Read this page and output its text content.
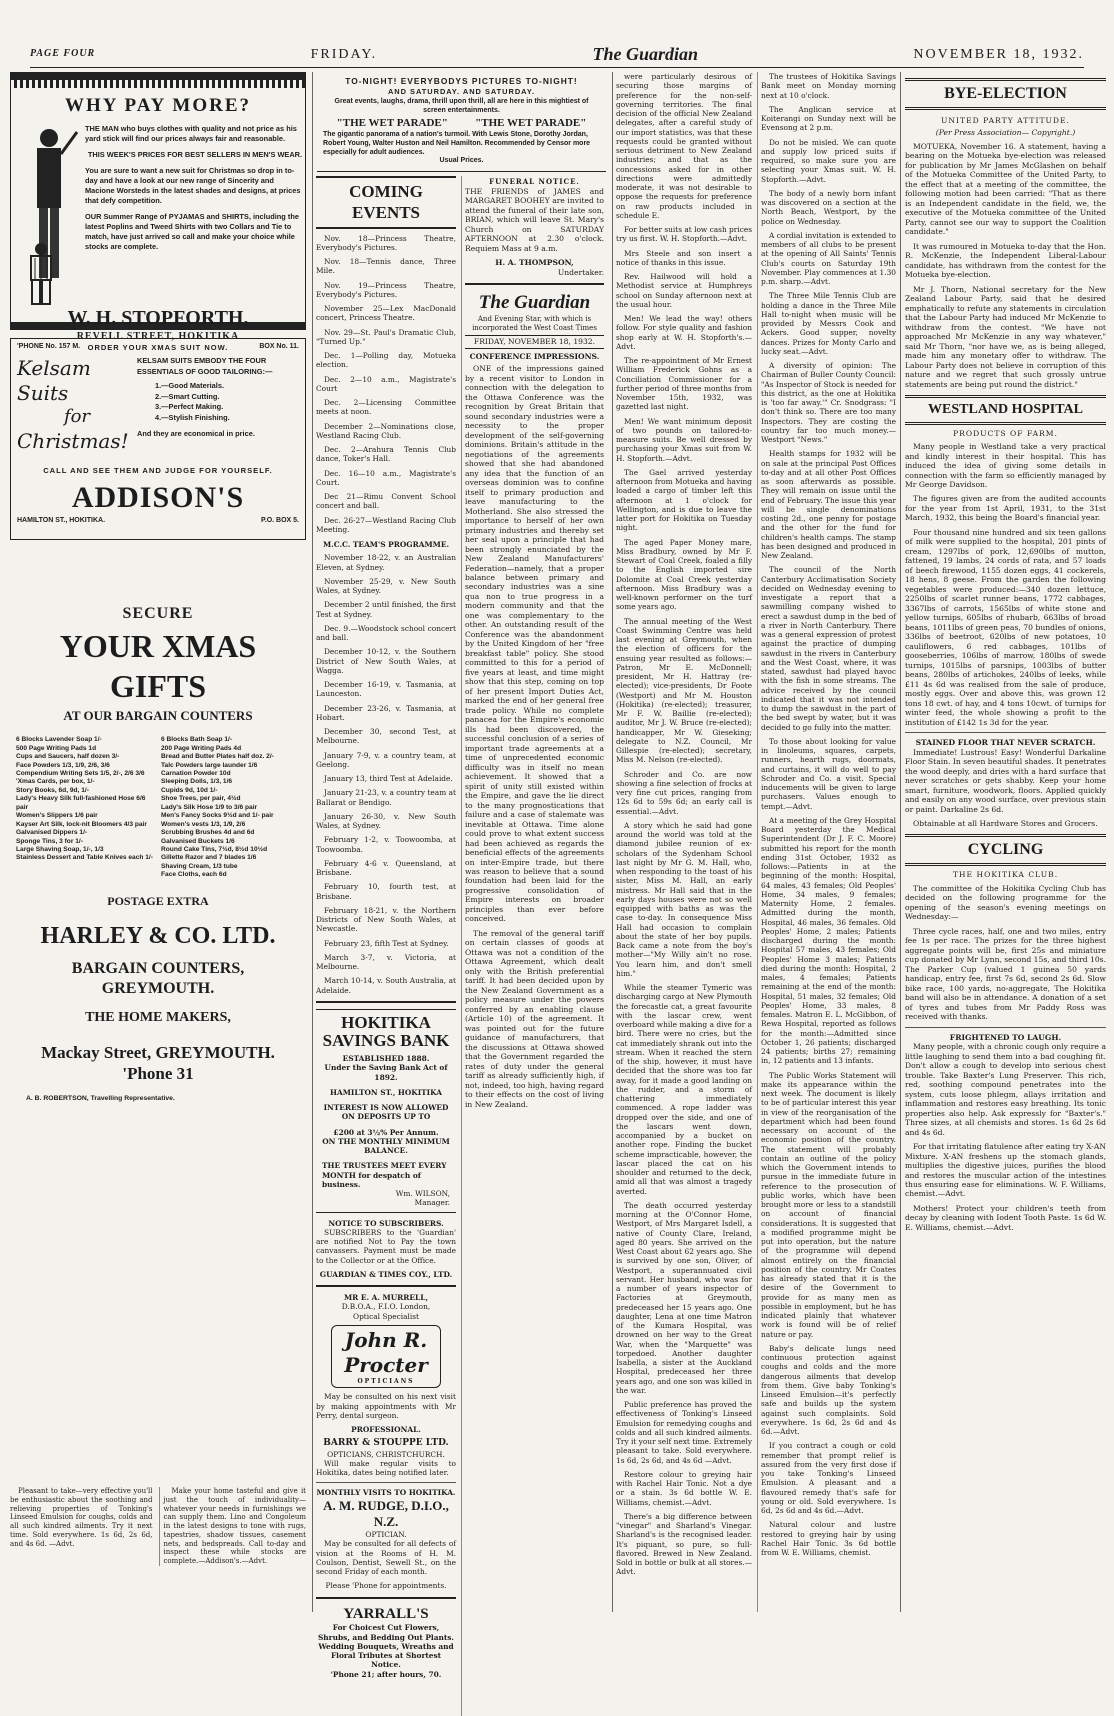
PAGE FOUR	FRIDAY.	The Guardian	NOVEMBER 18, 1932.
WHY PAY MORE?

THE MAN who buys clothes with quality and not price as his yard stick will find our prices always fair and reasonable.

THIS WEEK'S PRICES FOR BEST SELLERS IN MEN'S WEAR.

You are sure to want a new suit for Christmas so drop in to-day and have a look at our new range of Sincerity and Macione Worsteds in the latest shades and designs, at prices that defy competition.

OUR Summer Range of PYJAMAS and SHIRTS, including the latest Poplins and Tweed Shirts with two Collars and Tie to match, have just arrived so call and make your choice while stocks are complete.

W. H. STOPFORTH,
REVELL STREET, HOKITIKA
'PHONE No. 157 M.	BOX No. 11.
ORDER YOUR XMAS SUIT NOW.
Kelsam Suits
for
Christmas!
KELSAM SUITS EMBODY THE FOUR ESSENTIALS OF GOOD TAILORING:—
1.—Good Materials.
2.—Smart Cutting.
3.—Perfect Making.
4.—Stylish Finishing.
And they are economical in price.
CALL AND SEE THEM AND JUDGE FOR YOURSELF.
ADDISON'S
HAMILTON ST., HOKITIKA.	P.O. BOX 5.
SECURE
YOUR XMAS GIFTS
AT OUR BARGAIN COUNTERS

6 Blocks Lavender Soap 1/-

500 Page Writing Pads 1d

Cups and Saucers, half dozen 3/-

Face Powders 1/3, 1/9, 2/6, 3/6

Compendium Writing Sets 1/5, 2/-, 2/6 3/6

'Xmas Cards, per box, 1/-

Story Books, 6d, 9d, 1/-

Lady's Heavy Silk full-fashioned Hose 6/6 pair

Women's Slippers 1/6 pair

Kayser Art Silk, lock-nit Bloomers 4/3 pair

Galvanised Dippers 1/-

Sponge Tins, 3 for 1/-

Large Shaving Soap, 1/-, 1/3

Stainless Dessert and Table Knives each 1/-

6 Blocks Bath Soap 1/-

200 Page Writing Pads 4d

Bread and Butter Plates half doz. 2/-

Talc Powders large launder 1/6

Carnation Powder 10d

Sleeping Dolls, 1/3, 1/6

Cupids 9d, 10d 1/-

Shoe Trees, per pair, 4½d

Lady's Silk Hose 1/9 to 3/6 pair

Men's Fancy Socks 9½d and 1/- pair

Women's vests 1/3, 1/9, 2/6

Scrubbing Brushes 4d and 6d

Galvanised Buckets 1/6

Round Cake Tins, 7½d, 8½d 10½d

Gillette Razor and 7 blades 1/6

Shaving Cream, 1/3 tube

Face Cloths, each 6d

POSTAGE EXTRA
HARLEY & CO. LTD.
BARGAIN COUNTERS, GREYMOUTH.
THE HOME MAKERS,
Mackay Street, GREYMOUTH. 'Phone 31
A. B. ROBERTSON, Travelling Representative.

Pleasant to take—very effective you'll be enthusiastic about the soothing and relieving properties of Tonking's Linseed Emulsion for coughs, colds and all such kindred ailments. Try it next time. Sold everywhere. 1s 6d, 2s 6d, and 4s 6d. —Advt.

Make your home tasteful and give it just the touch of individuality—whatever your needs in furnishings we can supply them. Lino and Congoleum in the latest designs to tone with rugs, tapestries, shadow tissues, casement nets, and bedspreads. Call to-day and inspect these while stocks are complete.—Addison's.—Advt.

TO-NIGHT! EVERYBODYS PICTURES TO-NIGHT!
AND SATURDAY. AND SATURDAY.
Great events, laughs, drama, thrill upon thrill, all are here in this mightiest of screen entertainments.
"THE WET PARADE" "THE WET PARADE"
The gigantic panorama of a nation's turmoil. With Lewis Stone, Dorothy Jordan, Robert Young, Walter Huston and Neil Hamilton. Recommended by Censor more especially for adult audiences.
Usual Prices.
COMING EVENTS

Nov. 18—Princess Theatre, Everybody's Pictures.

Nov. 18—Tennis dance, Three Mile.

Nov. 19—Princess Theatre, Everybody's Pictures.

November 25—Lex MacDonald concert, Princess Theatre.

Nov. 29—St. Paul's Dramatic Club, "Turned Up."

Dec. 1—Polling day, Motueka election.

Dec. 2—10 a.m., Magistrate's Court

Dec. 2—Licensing Committee meets at noon.

December 2—Nominations close, Westland Racing Club.

Dec. 2—Arahura Tennis Club dance, Toker's Hall.

Dec. 16—10 a.m., Magistrate's Court.

Dec 21—Rimu Convent School concert and ball.

Dec. 26-27—Westland Racing Club Meeting.

M.C.C. TEAM'S PROGRAMME.

November 18-22, v. an Australian Eleven, at Sydney.

November 25-29, v. New South Wales, at Sydney.

December 2 until finished, the first Test at Sydney.

Dec. 9.—Woodstock school concert and ball.

December 10-12, v. the Southern District of New South Wales, at Wagga.

December 16-19, v. Tasmania, at Launceston.

December 23-26, v. Tasmania, at Hobart.

December 30, second Test, at Melbourne.

January 7-9, v. a country team, at Geelong.

January 13, third Test at Adelaide.

January 21-23, v. a country team at Ballarat or Bendigo.

January 26-30, v. New South Wales, at Sydney.

February 1-2, v. Toowoomba, at Toowoomba.

February 4-6 v. Queensland, at Brisbane.

February 10, fourth test, at Brisbane.

February 18-21, v. the Northern Districts of New South Wales, at Newcastle.

February 23, fifth Test at Sydney.

March 3-7, v. Victoria, at Melbourne.

March 10-14, v. South Australia, at Adelaide.

HOKITIKA SAVINGS BANK
ESTABLISHED 1888.
Under the Saving Bank Act of 1892.
HAMILTON ST., HOKITIKA
INTEREST IS NOW ALLOWED ON DEPOSITS UP TO
£200 at 3½% Per Annum.
ON THE MONTHLY MINIMUM BALANCE.
THE TRUSTEES MEET EVERY MONTH for despatch of business.
Wm. WILSON,
Manager.
NOTICE TO SUBSCRIBERS.

SUBSCRIBERS to the 'Guardian' are notified Not to Pay the town canvassers. Payment must be made to the Collector or at the Office.

GUARDIAN & TIMES COY., LTD.
MR E. A. MURRELL,
D.B.O.A., F.I.O. London,
Optical Specialist
John R. Procter
OPTICIANS

May be consulted on his next visit by making appointments with Mr Perry, dental surgeon.

PROFESSIONAL.
BARRY & STOUPPE LTD.
OPTICIANS, CHRISTCHURCH.

Will make regular visits to Hokitika, dates being notified later.

MONTHLY VISITS TO HOKITIKA.
A. M. RUDGE, D.I.O., N.Z.
OPTICIAN.

May be consulted for all defects of vision at the Rooms of H. M. Coulson, Dentist, Sewell St., on the second Friday of each month.

Please 'Phone for appointments.
YARRALL'S
For Choicest Cut Flowers, Shrubs, and Bedding Out Plants.
Wedding Bouquets, Wreaths and Floral Tributes at Shortest Notice.
'Phone 21; after hours, 70.
FUNERAL NOTICE.

THE FRIENDS of JAMES and MARGARET BOOHEY are invited to attend the funeral of their late son, BRIAN, which will leave St. Mary's Church on SATURDAY AFTERNOON at 2.30 o'clock. Requiem Mass at 9 a.m.

H. A. THOMPSON,
Undertaker.
The Guardian
And Evening Star, with which is incorporated the West Coast Times
FRIDAY, NOVEMBER 18, 1932.
CONFERENCE IMPRESSIONS.

ONE of the impressions gained by a recent visitor to London in connection with the delegation to the Ottawa Conference was the recognition by Great Britain that sound secondary industries were a necessity to the proper development of the self-governing dominions. Britain's attitude in the negotiations of the agreements showed that she had abandoned any idea that the function of an overseas dominion was to confine itself to primary production and leave manufacturing to the Motherland. She also stressed the importance to herself of her own primary industries and thereby set her seal upon a principle that had been strongly enunciated by the New Zealand Manufacturers' Federation—namely, that a proper balance between primary and secondary industries was a sine qua non to true progress in a modern community and that the one was complementary to the other. An outstanding result of the Conference was the abandonment by the United Kingdom of her "free breakfast table" policy. She stood committed to this for a period of five years at least, and time might show that this step, coming on top of her present Import Duties Act, marked the end of her general free trade policy. While no complete panacea for the Empire's economic ills had been discovered, the successful conclusion of a series of important trade agreements at a time of unprecedented economic difficulty was in itself no mean achievement. It showed that a spirit of unity still existed within the Empire, and gave the lie direct to the many prognostications that failure and a case of stalemate was inevitable at Ottawa. Time alone could prove to what extent success had been achieved as regards the beneficial effects of the agreements on inter-Empire trade, but there was reason to believe that a sound foundation had been laid for the progressive consolidation of Empire interests on broader principles than ever before conceived.

The removal of the general tariff on certain classes of goods at Ottawa was not a condition of the Ottawa Agreement, which dealt only with the British preferential tariff. It had been decided upon by the New Zealand Government as a policy measure under the powers conferred by an enabling clause (Article 10) of the agreement. It was pointed out for the future guidance of manufacturers, that the discussions at Ottawa showed that the Government regarded the rates of duty under the general tariff as already sufficiently high, if not, indeed, too high, having regard to their effects on the cost of living in New Zealand.

were particularly desirous of securing those margins of preference for the non-self-governing territories. The final decision of the official New Zealand delegates, after a careful study of our import statistics, was that these requests could be granted without serious detriment to New Zealand industries; and that as the concessions asked for in other directions were admittedly moderate, it was not desirable to oppose the requests for preference on raw products included in schedule E.

For better suits at low cash prices try us first. W. H. Stopforth.—Advt.

Mrs Steele and son insert a notice of thanks in this issue.

Rev. Hailwood will hold a Methodist service at Humphreys school on Sunday afternoon next at the usual hour.

Men! We lead the way! others follow. For style quality and fashion shop early at W. H. Stopforth's.—Advt.

The re-appointment of Mr Ernest William Frederick Gohns as a Conciliation Commissioner for a further period of three months from November 15th, 1932, was gazetted last night.

Men! We want minimum deposit of two pounds on tailored-to-measure suits. Be well dressed by purchasing your Xmas suit from W. H. Stopforth.—Advt.

The Gael arrived yesterday afternoon from Motueka and having loaded a cargo of timber left this afternoon at 1 o'clock for Wellington, and is due to leave the latter port for Hokitika on Tuesday night.

The aged Paper Money mare, Miss Bradbury, owned by Mr F. Stewart of Coal Creek, foaled a filly to the English imported sire Dolomite at Coal Creek yesterday afternoon. Miss Bradbury was a well-known performer on the turf some years ago.

The annual meeting of the West Coast Swimming Centre was held last evening at Greymouth, when the election of officers for the ensuing year resulted as follows:—Patron, Mr E. McDonnell; president, Mr H. Hattray (re-elected); vice-presidents, Dr Foote (Westport) and Mr M. Houston (Hokitika) (re-elected); treasurer, Mr F. W. Baillie (re-elected); auditor, Mr J. W. Bruce (re-elected); handicapper, Mr W. Gieseking; delegate to N.Z. Council, Mr Gillespie (re-elected); secretary, Miss M. Nelson (re-elected).

Schroder and Co. are now showing a fine selection of frocks at very fine cut prices, ranging from 12s 6d to 59s 6d; an early call is essential.—Advt.

A story which he said had gone around the world was told at the diamond jubilee reunion of ex-scholars of the Sydenham School last night by Mr G. M. Hall, who, when responding to the toast of his sister, Miss M. Hall, an early mistress. Mr Hall said that in the early days houses were not so well equipped with baths as was the case to-day. In consequence Miss Hall had occasion to complain about the state of her boy pupils. Back came a note from the boy's mother—"My Willy ain't no rose. You learn him, and don't smell him."

While the steamer Tymeric was discharging cargo at New Plymouth the forecastle cat, a great favourite with the lascar crew, went overboard while making a dive for a bird. There were no cries, but the cat immediately shrank out into the stream. When it reached the stern of the ship, however, it must have decided that the shore was too far away, for it made a good landing on the rudder, and a storm of chattering immediately commenced. A rope ladder was dropped over the side, and one of the lascars went down, accompanied by a bucket on another rope. Finding the bucket scheme impracticable, however, the lascar placed the cat on his shoulder and returned to the deck, amid all that was almost a tragedy averted.

The death occurred yesterday morning at the O'Connor Home, Westport, of Mrs Margaret Isdell, a native of County Clare, Ireland, aged 80 years. She arrived on the West Coast about 62 years ago. She is survived by one son, Oliver, of Westport, a superannuated civil servant. Her husband, who was for a number of years inspector of Factories at Greymouth, predeceased her 15 years ago. One daughter, Lena at one time Matron of the Kumara Hospital, was drowned on her way to the Great War, when the "Marquette" was torpedoed. Another daughter Isabella, a sister at the Auckland Hospital, predeceased her three years ago, and one son was killed in the war.

Public preference has proved the effectiveness of Tonking's Linseed Emulsion for remedying coughs and colds and all such kindred ailments. Try it your self next time. Extremely pleasant to take. Sold everywhere. 1s 6d, 2s 6d, and 4s 6d —Advt.

Restore colour to greying hair with Rachel Hair Tonic. Not a dye or a stain. 3s 6d bottle W. E. Williams, chemist.—Advt.

There's a big difference between "vinegar" and Sharland's Vinegar. Sharland's is the recognised leader. It's piquant, so pure, so full-flavored. Brewed in New Zealand. Sold in bottle or bulk at all stores.—Advt.

The trustees of Hokitika Savings Bank meet on Monday morning next at 10 o'clock.

The Anglican service at Koiterangi on Sunday next will be Evensong at 2 p.m.

Do not be misled. We can quote and supply low priced suits if required, so make sure you are selecting your Xmas suit. W. H. Stopforth.—Advt.

The body of a newly born infant was discovered on a section at the North Beach, Westport, by the police on Wednesday.

A cordial invitation is extended to members of all clubs to be present at the opening of All Saints' Tennis Club's courts on Saturday 19th November. Play commences at 1.30 p.m. sharp.—Advt.

The Three Mile Tennis Club are holding a dance in the Three Mile Hall to-night when music will be provided by Messrs Cook and Ackers. Good supper, novelty dances. Prizes for Monty Carlo and lucky seat.—Advt.

A diversity of opinion: The Chairman of Buller County Council: "As Inspector of Stock is needed for this district, as the one at Hokitika is 'too far away.'" Cr. Snodgrass: "I don't think so. There are too many Inspectors. They are costing the country far too much money.—Westport "News."

Health stamps for 1932 will be on sale at the principal Post Offices to-day and at all other Post Offices as soon afterwards as possible. They will remain on issue until the end of February. The issue this year will be single denominations costing 2d., one penny for postage and the other for the fund for children's health camps. The stamp has been designed and produced in New Zealand.

The council of the North Canterbury Acclimatisation Society decided on Wednesday evening to investigate a report that a sawmilling company wished to erect a sawdust dump in the bed of a river in North Canterbury. There was a general expression of protest against the practice of dumping sawdust in the rivers in Canterbury and the West Coast, where, it was stated, sawdust had played havoc with the fish in some streams. The advice received by the council indicated that it was not intended to dump the sawdust in the part of the bed swept by water, but it was decided to go fully into the matter.

To those about looking for value in linoleums, squares, carpets, runners, hearth rugs, doormats, and curtains, it will do well to pay Schroder and Co. a visit. Special inducements will be given to large purchasers. Values enough to tempt.—Advt.

At a meeting of the Grey Hospital Board yesterday the Medical Superintendent (Dr J. F. C. Moore) submitted his report for the month ending 31st October, 1932 as follows:—Patients in at the beginning of the month: Hospital, 64 males, 43 females; Old Peoples' Home, 34 males, 9 females; Maternity Home, 2 females. Admitted during the month, Hospital, 46 males, 36 females. Old Peoples' Home, 2 males; Patients discharged during the month: Hospital 57 males, 43 females; Old Peoples' Home 3 males; Patients died during the month: Hospital, 2 males, 4 females; Patients remaining at the end of the month: Hospital, 51 males, 32 females; Old Peoples' Home, 33 males, 8 females. Matron E. L. McGibbon, of Rewa Hospital, reported as follows for the month:—Admitted since October 1, 26 patients; discharged 24 patients; births 27; remaining in, 12 patients and 13 infants.

The Public Works Statement will make its appearance within the next week. The document is likely to be of particular interest this year in view of the reorganisation of the department which had been found necessary on account of the economic position of the country. The statement will probably contain an outline of the policy which the Government intends to pursue in the immediate future in reference to the prosecution of public works, which have been brought more or less to a standstill on account of financial considerations. It is suggested that a modified programme might be put into operation, but the nature of the programme will depend almost entirely on the financial position of the country. Mr Coates has already stated that it is the desire of the Government to provide for as many men as possible in employment, but he has indicated plainly that whatever work is found will be of relief nature or pay.

Baby's delicate lungs need continuous protection against coughs and colds and the more dangerous ailments that develop from them. Give baby Tonking's Linseed Emulsion—it's perfectly safe and builds up the system against such complaints. Sold everywhere. 1s 6d, 2s 6d and 4s 6d.—Advt.

If you contract a cough or cold remember that prompt relief is assured from the very first dose if you take Tonking's Linseed Emulsion. A pleasant and a flavoured remedy that's safe for young or old. Sold everywhere. 1s 6d, 2s 6d and 4s 6d.—Advt.

Natural colour and lustre restored to greying hair by using Rachel Hair Tonic. 3s 6d bottle from W. E. Williams, chemist.

BYE-ELECTION
UNITED PARTY ATTITUDE.
(Per Press Association— Copyright.)

MOTUEKA, November 16. A statement, having a bearing on the Motueka bye-election was released for publication by Mr James McGlashen on behalf of the Motueka Committee of the United Party, to the effect that at a meeting of the committee, the following motion had been carried: "That as there is an Independent candidate in the field, we, the executive of the Motueka committee of the United Party, cannot see our way to support the Coalition candidate."

It was rumoured in Motueka to-day that the Hon. R. McKenzie, the Independent Liberal-Labour candidate, has withdrawn from the contest for the Motueka bye-election.

Mr J. Thorn, National secretary for the New Zealand Labour Party, said that he desired emphatically to refute any statements in circulation that the Labour Party had induced Mr McKenzie to withdraw from the contest. "We have not approached Mr McKenzie in any way whatever," said Mr Thorn, "nor have we, as is being alleged, made him any monetary offer to withdraw. The Labour Party does not believe in corruption of this nature and we regret that such grossly untrue statements are being put round the district."

WESTLAND HOSPITAL
PRODUCTS OF FARM.

Many people in Westland take a very practical and kindly interest in their hospital. This has induced the idea of giving some details in connection with the farm so efficiently managed by Mr George Davidson.

The figures given are from the audited accounts for the year from 1st April, 1931, to the 31st March, 1932, this being the Board's financial year.

Four thousand nine hundred and six teen gallons of milk were supplied to the hospital, 201 pints of cream, 1297lbs of pork, 12,690lbs of mutton, fattened, 19 lambs, 24 cords of rata, and 57 loads of beech firewood, 1155 dozen eggs, 41 cockerels, 18 hens, 8 geese. From the garden the following vegetables were produced:—340 dozen lettuce, 2250lbs of scarlet runner beans, 1772 cabbages, 3367lbs of carrots, 1565lbs of white stone and yellow turnips, 605lbs of rhubarb, 663lbs of broad beans, 1011lbs of green peas, 70 bundles of onions, 336lbs of beetroot, 620lbs of new potatoes, 10 cauliflowers, 6 red cabbages, 101lbs of gooseberries, 106lbs of marrow, 180lbs of swede turnips, 1015lbs of parsnips, 1003lbs of butter beans, 280lbs of artichokes, 240lbs of leeks, while £11 4s 6d was realised from the sale of produce, mostly eggs. Over and above this, was grown 12 tons 18 cwt. of hay, and 4 tons 10cwt. of turnips for winter feed, the whole showing a profit to the institution of £142 1s 3d for the year.

STAINED FLOOR THAT NEVER SCRATCH.

Immediate! Lustrous! Easy! Wonderful Darkaline Floor Stain. In seven beautiful shades. It penetrates the wood deeply, and dries with a hard surface that never scratches or gets shabby. Keep your home smart, furniture, woodwork, floors. Applied quickly and easily on any wood surface, over previous stain or paint. Darkaline 2s 6d.

Obtainable at all Hardware Stores and Grocers.

CYCLING
THE HOKITIKA CLUB.

The committee of the Hokitika Cycling Club has decided on the following programme for the opening of the season's evening meetings on Wednesday:—

Three cycle races, half, one and two miles, entry fee 1s per race. The prizes for the three highest aggregate points will be, first 25s and miniature cup donated by Mr Lynn, second 15s, and third 10s. The Parker Cup (valued 1 guinea 50 yards handicap, entry fee, first 7s 6d, second 2s 6d. Slow bike race, 100 yards, no-aggregate, The Hokitika band will also be in attendance. A donation of a set of tyres and tubes from Mr Paddy Ross was received with thanks.

FRIGHTENED TO LAUGH.

Many people, with a chronic cough only require a little laughing to send them into a bad coughing fit. Don't allow a cough to develop into serious chest trouble. Take Baxter's Lung Preserver. This rich, red, soothing compound penetrates into the system, cuts loose phlegm, allays irritation and inflammation and restores easy breathing. Its tonic properties also help. Ask expressly for "Baxter's." Three sizes, at all chemists and stores. 1s 6d 2s 6d and 4s 6d.

For that irritating flatulence after eating try X-AN Mixture. X-AN freshens up the stomach glands, multiplies the digestive juices, purifies the blood and restores the muscular action of the intestines thus ensuring ease for eliminations. W. F. Williams, chemist.—Advt.

Mothers! Protect your children's teeth from decay by cleaning with Iodent Tooth Paste. 1s 6d W. E. Williams, chemist.—Advt.
